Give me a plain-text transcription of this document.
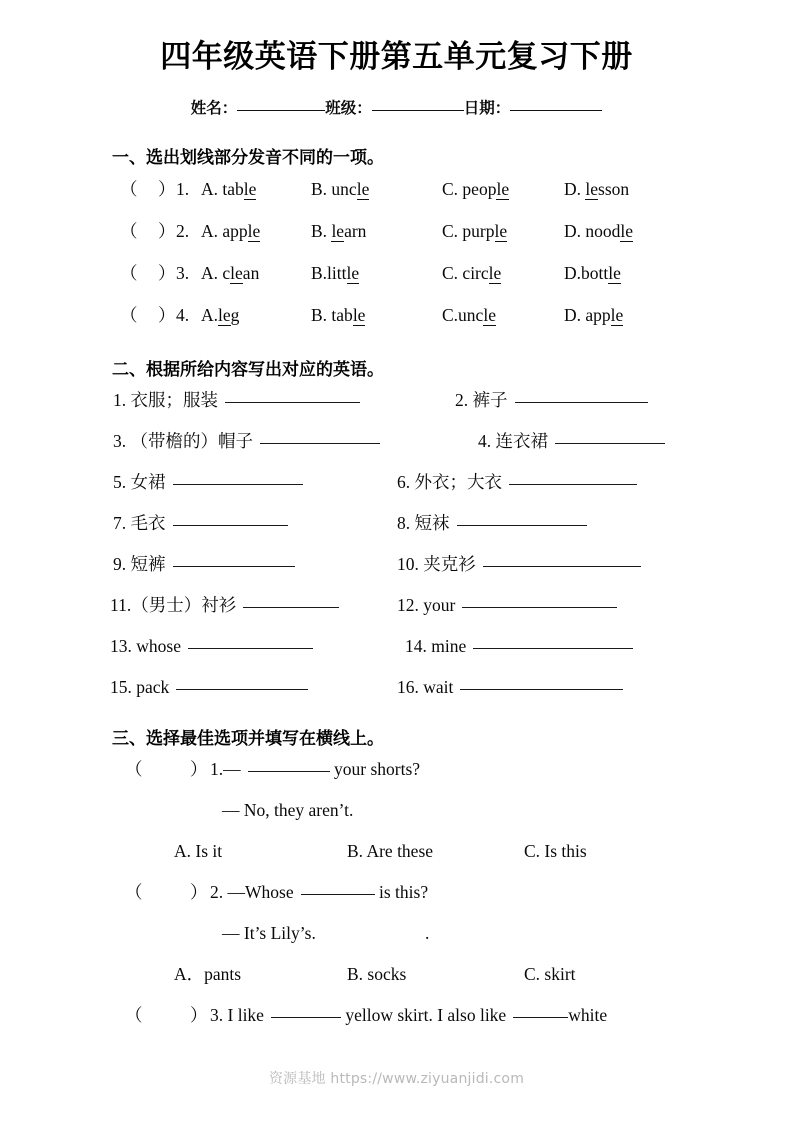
四年级英语下册第五单元复习下册
姓名：	班级：	日期：
一、选出划线部分发音不同的一项。
（ ） 1. A. table	B. uncle	C. people	D. lesson
（ ） 2. A. apple	B. learn	C. purple	D. noodle
（ ） 3. A. clean	B.little	C. circle	D.bottle
（ ） 4. A.leg	B. table	C.uncle	D. apple
二、根据所给内容写出对应的英语。
1. 衣服；服装	2. 裤子
3. （带檐的）帽子	4. 连衣裙
5. 女裙	6. 外衣；大衣
7. 毛衣	8. 短袜
9. 短裤	10. 夹克衫
11.（男士）衬衫	12. your
13. whose	14. mine
15. pack	16. wait
三、选择最佳选项并填写在横线上。
（	） 1.—	your shorts?
— No, they aren’t.
A. Is it	B. Are these	C. Is this
（	） 2. —Whose	is this?
— It’s Lily’s.	.
A．pants	B. socks	C. skirt
（	） 3. I like	yellow skirt. I also like	white
资源基地 https://www.ziyuanjidi.com
